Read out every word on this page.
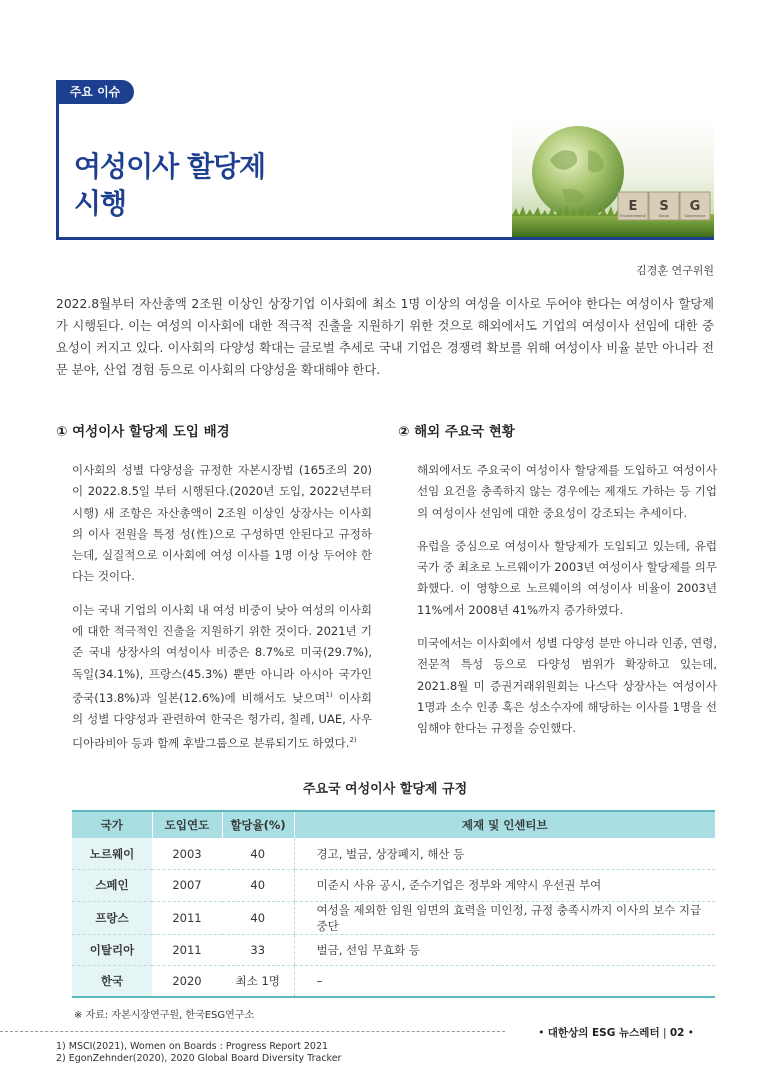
주요 이슈
여성이사 할당제
시행	E S G
Environmental	Social	Governance
김경훈 연구위원
2022.8월부터 자산총액 2조원 이상인 상장기업 이사회에 최소 1명 이상의 여성을 이사로 두어야 한다는 여성이사 할당제가 시행된다. 이는 여성의 이사회에 대한 적극적 진출을 지원하기 위한 것으로 해외에서도 기업의 여성이사 선임에 대한 중요성이 커지고 있다. 이사회의 다양성 확대는 글로벌 추세로 국내 기업은 경쟁력 확보를 위해 여성이사 비율 분만 아니라 전문 분야, 산업 경험 등으로 이사회의 다양성을 확대해야 한다.
① 여성이사 할당제 도입 배경

이사회의 성별 다양성을 규정한 자본시장법 (165조의 20)이 2022.8.5일 부터 시행된다.(2020년 도입, 2022년부터 시행) 새 조항은 자산총액이 2조원 이상인 상장사는 이사회의 이사 전원을 특정 성(性)으로 구성하면 안된다고 규정하는데, 실질적으로 이사회에 여성 이사를 1명 이상 두어야 한다는 것이다.

이는 국내 기업의 이사회 내 여성 비중이 낮아 여성의 이사회에 대한 적극적인 진출을 지원하기 위한 것이다. 2021년 기준 국내 상장사의 여성이사 비중은 8.7%로 미국(29.7%), 독일(34.1%), 프랑스(45.3%) 뿐만 아니라 아시아 국가인 중국(13.8%)과 일본(12.6%)에 비해서도 낮으며$^{1)}$ 이사회의 성별 다양성과 관련하여 한국은 헝가리, 칠레, UAE, 사우디아라비아 등과 함께 후발그룹으로 분류되기도 하였다.$^{2)}$

② 해외 주요국 현황

해외에서도 주요국이 여성이사 할당제를 도입하고 여성이사 선임 요건을 충족하지 않는 경우에는 제재도 가하는 등 기업의 여성이사 선임에 대한 중요성이 강조되는 추세이다.

유럽을 중심으로 여성이사 할당제가 도입되고 있는데, 유럽 국가 중 최초로 노르웨이가 2003년 여성이사 할당제를 의무화했다. 이 영향으로 노르웨이의 여성이사 비율이 2003년 11%에서 2008년 41%까지 증가하였다.

미국에서는 이사회에서 성별 다양성 분만 아니라 인종, 연령, 전문적 특성 등으로 다양성 범위가 확장하고 있는데, 2021.8월 미 증권거래위원회는 나스닥 상장사는 여성이사 1명과 소수 인종 혹은 성소수자에 해당하는 이사를 1명을 선임해야 한다는 규정을 승인했다.

주요국 여성이사 할당제 규정
국가	도입연도	할당율(%)	제재 및 인센티브
노르웨이	2003	40	경고, 벌금, 상장폐지, 해산 등
스페인	2007	40	미준시 사유 공시, 준수기업은 정부와 계약시 우선권 부여
프랑스	2011	40	여성을 제외한 임원 임면의 효력을 미인정, 규정 충족시까지 이사의 보수 지급 중단
이탈리아	2011	33	벌금, 선임 무효화 등
한국	2020	최소 1명	–
※ 자료: 자본시장연구원, 한국ESG연구소
• 대한상의 ESG 뉴스레터 | 02 •
1) MSCI(2021), Women on Boards : Progress Report 2021
2) EgonZehnder(2020), 2020 Global Board Diversity Tracker
